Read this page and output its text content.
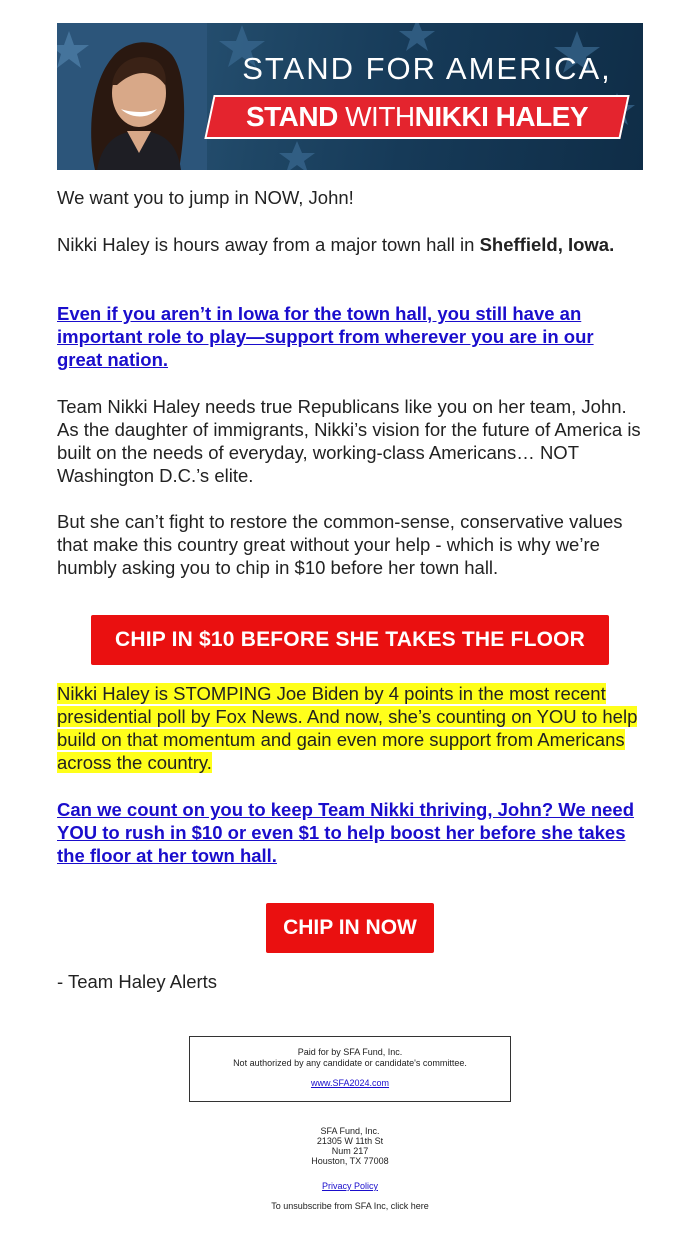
STAND FOR AMERICA,
STAND WITHNIKKI HALEY

We want you to jump in NOW, John!

Nikki Haley is hours away from a major town hall in Sheffield, Iowa.

Even if you aren’t in Iowa for the town hall, you still have an important role to play—support from wherever you are in our great nation.

Team Nikki Haley needs true Republicans like you on her team, John. As the daughter of immigrants, Nikki’s vision for the future of America is built on the needs of everyday, working-class Americans… NOT Washington D.C.’s elite.

But she can’t fight to restore the common-sense, conservative values that make this country great without your help - which is why we’re humbly asking you to chip in $10 before her town hall.

CHIP IN $10 BEFORE SHE TAKES THE FLOOR

Nikki Haley is STOMPING Joe Biden by 4 points in the most recent presidential poll by Fox News. And now, she’s counting on YOU to help build on that momentum and gain even more support from Americans across the country.

Can we count on you to keep Team Nikki thriving, John? We need YOU to rush in $10 or even $1 to help boost her before she takes the floor at her town hall.

CHIP IN NOW

- Team Haley Alerts

Paid for by SFA Fund, Inc.
Not authorized by any candidate or candidate's committee.
www.SFA2024.com
SFA Fund, Inc.
21305 W 11th St
Num 217
Houston, TX 77008
Privacy Policy
To unsubscribe from SFA Inc, click here
